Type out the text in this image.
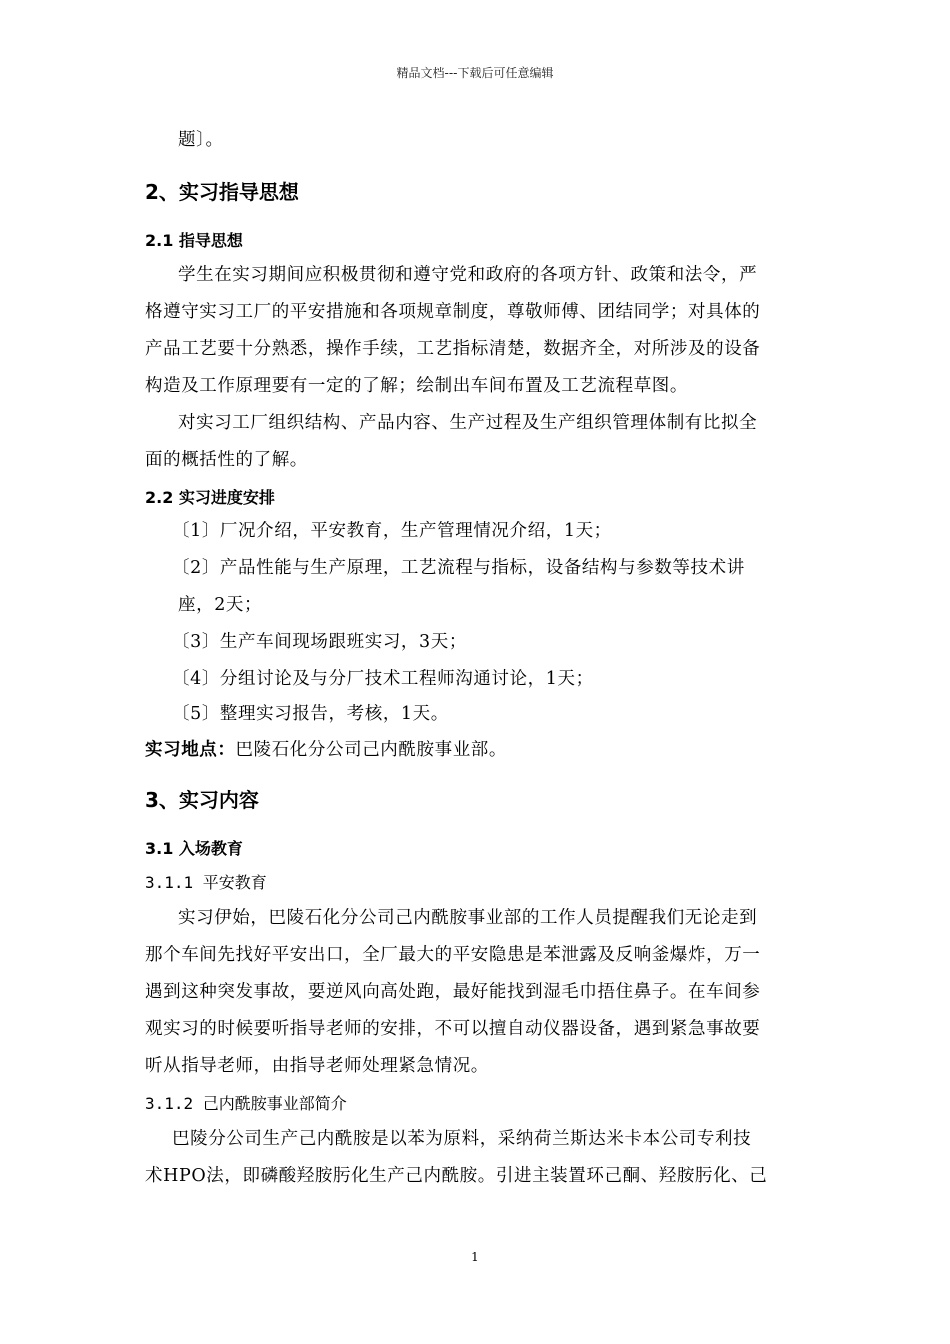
精品文档---下载后可任意编辑
题〕。
2、实习指导思想
2.1 指导思想
学生在实习期间应积极贯彻和遵守党和政府的各项方针、政策和法令，严
格遵守实习工厂的平安措施和各项规章制度，尊敬师傅、团结同学；对具体的
产品工艺要十分熟悉，操作手续，工艺指标清楚，数据齐全，对所涉及的设备
构造及工作原理要有一定的了解；绘制出车间布置及工艺流程草图。
对实习工厂组织结构、产品内容、生产过程及生产组织管理体制有比拟全
面的概括性的了解。
2.2 实习进度安排
〔1〕厂况介绍，平安教育，生产管理情况介绍，1天；
〔2〕产品性能与生产原理，工艺流程与指标，设备结构与参数等技术讲
座，2天；
〔3〕生产车间现场跟班实习，3天；
〔4〕分组讨论及与分厂技术工程师沟通讨论，1天；
〔5〕整理实习报告，考核，1天。
实习地点：巴陵石化分公司己内酰胺事业部。
3、实习内容
3.1 入场教育
3.1.1 平安教育
实习伊始，巴陵石化分公司己内酰胺事业部的工作人员提醒我们无论走到
那个车间先找好平安出口，全厂最大的平安隐患是苯泄露及反响釜爆炸，万一
遇到这种突发事故，要逆风向高处跑，最好能找到湿毛巾捂住鼻子。在车间参
观实习的时候要听指导老师的安排，不可以擅自动仪器设备，遇到紧急事故要
听从指导老师，由指导老师处理紧急情况。
3.1.2 己内酰胺事业部简介
巴陵分公司生产己内酰胺是以苯为原料，采纳荷兰斯达米卡本公司专利技
术HPO法，即磷酸羟胺肟化生产己内酰胺。引进主装置环己酮、羟胺肟化、己
1
